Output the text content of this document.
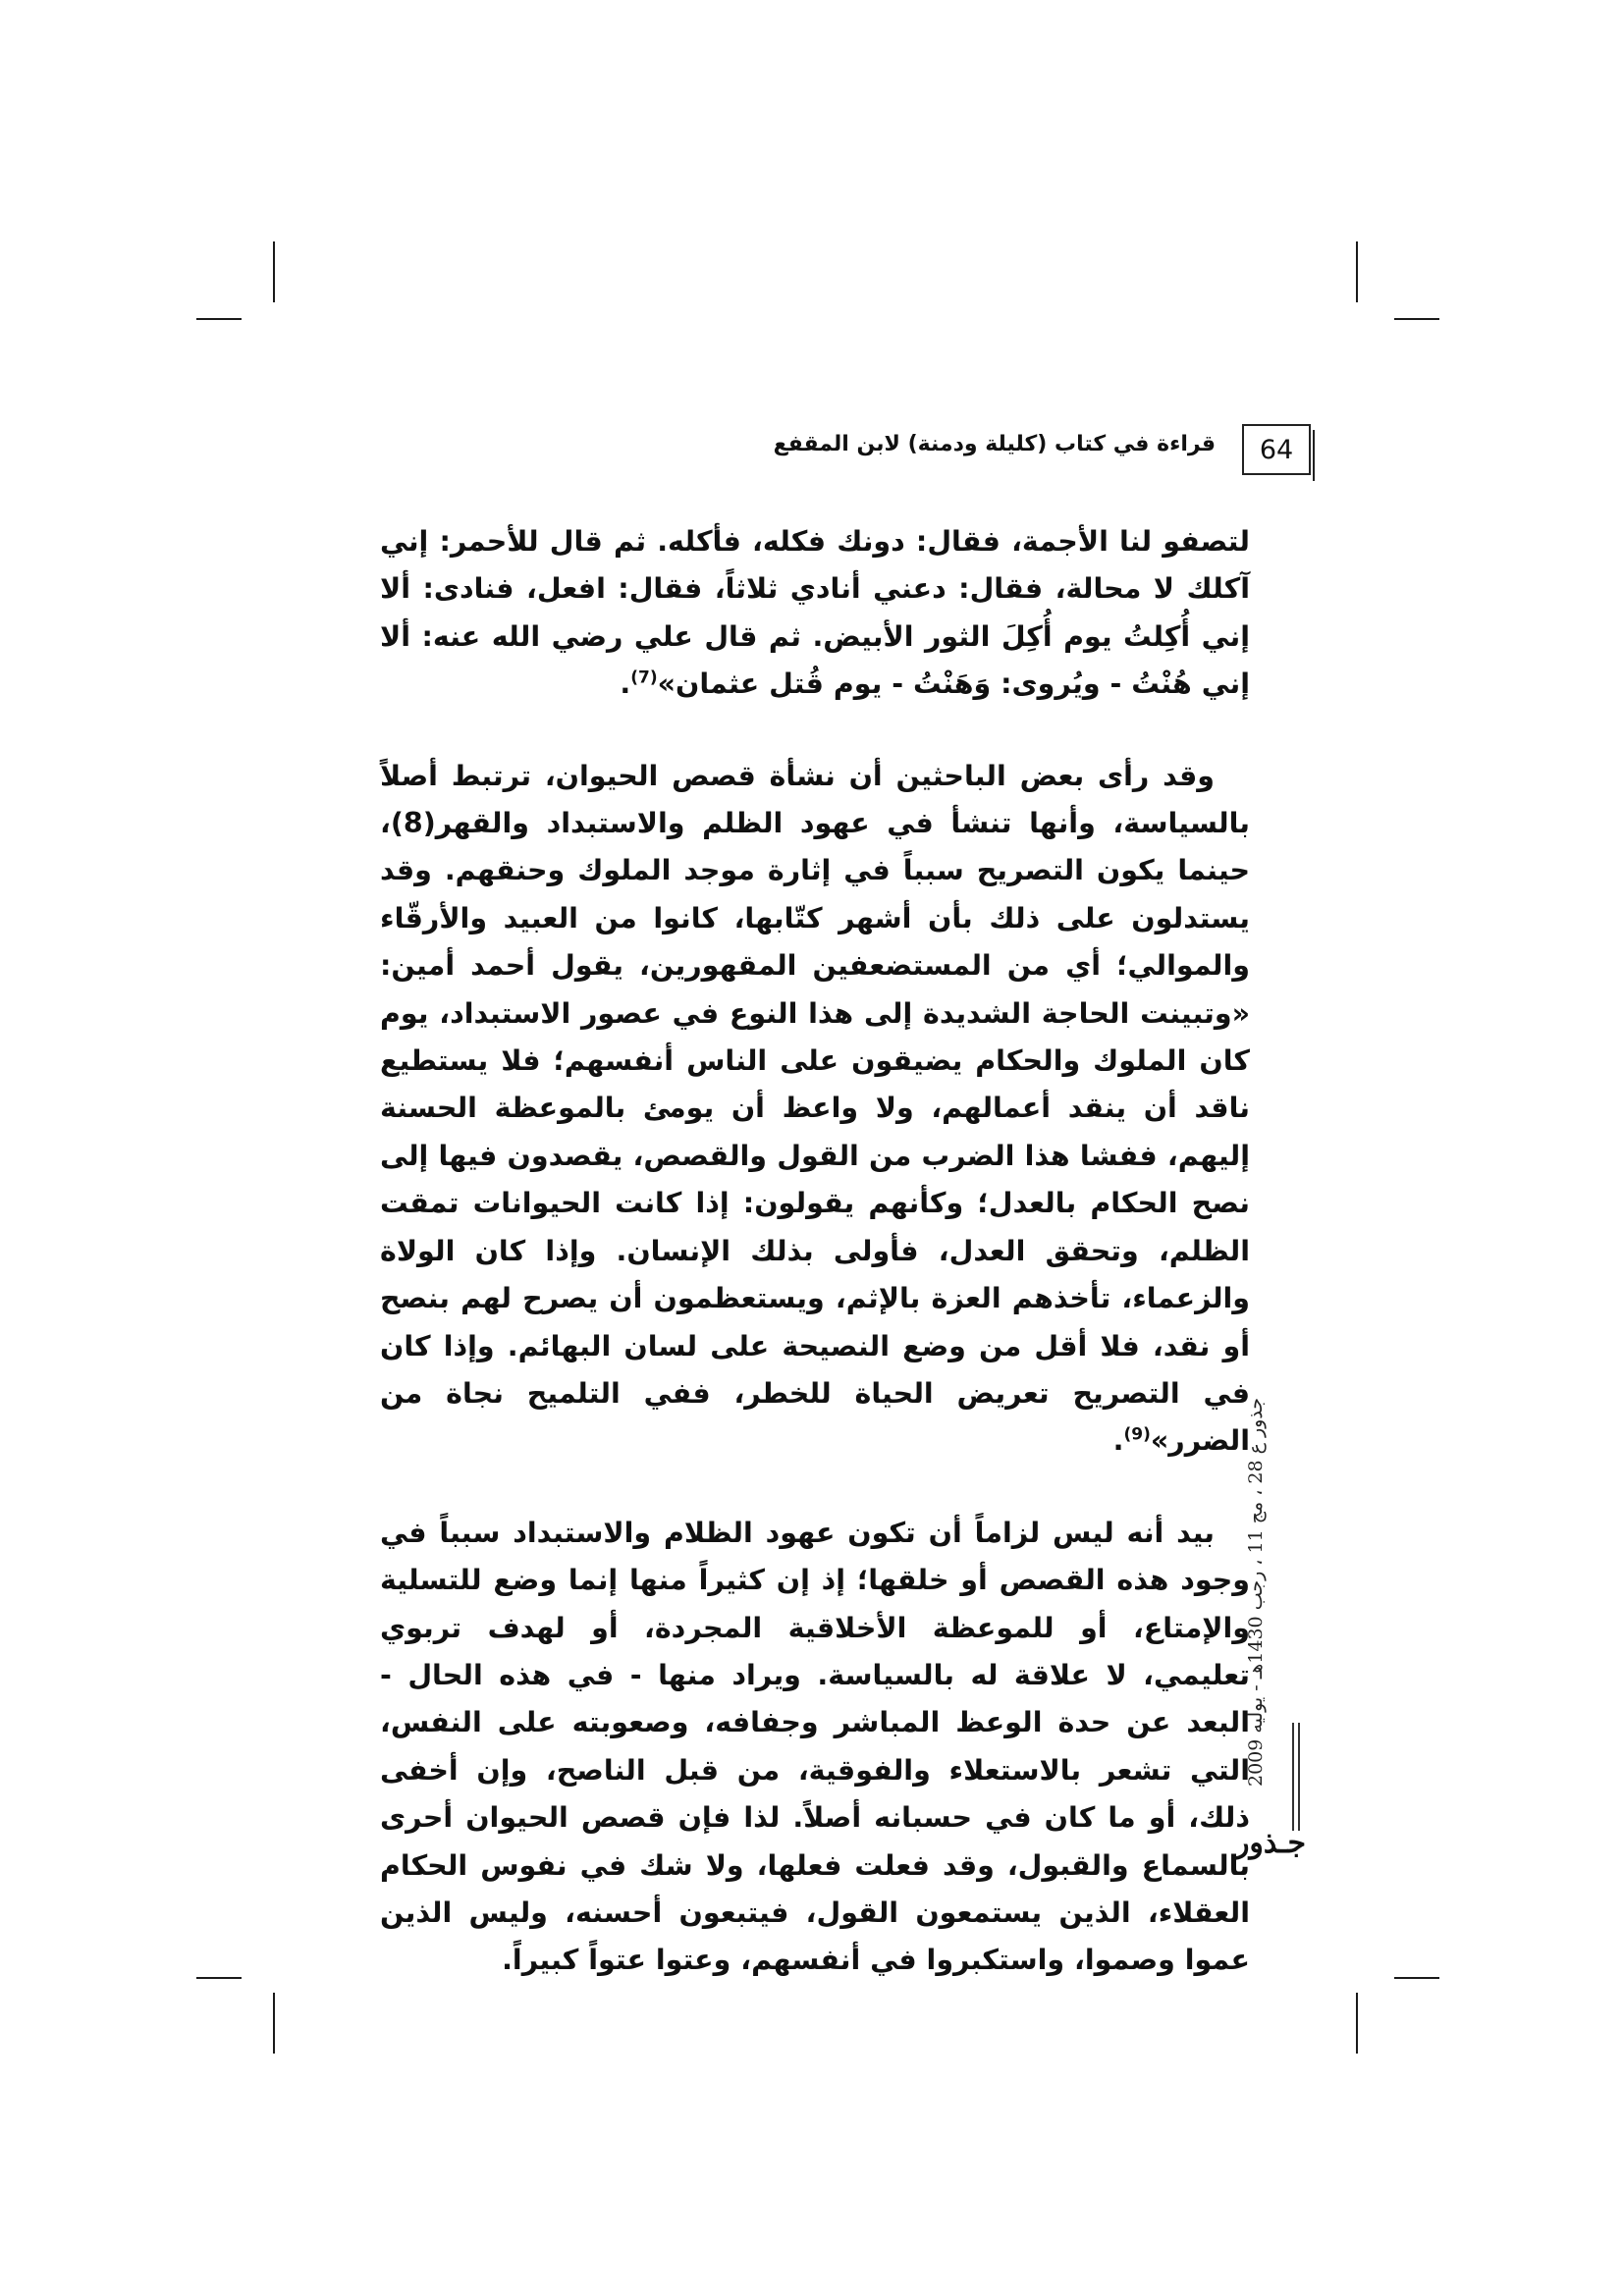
64
قراءة في كتاب (كليلة ودمنة) لابن المقفع

لتصفو لنا الأجمة، فقال: دونك فكله، فأكله. ثم قال للأحمر: إني آكلك لا محالة، فقال: دعني أنادي ثلاثاً، فقال: افعل، فنادى: ألا إني أُكِلتُ يوم أُكِلَ الثور الأبيض. ثم قال علي رضي الله عنه: ألا إني هُنْتُ - ويُروى: وَهَنْتُ - يوم قُتل عثمان»$^{(7)}$.

وقد رأى بعض الباحثين أن نشأة قصص الحيوان، ترتبط أصلاً بالسياسة، وأنها تنشأ في عهود الظلم والاستبداد والقهر(8)، حينما يكون التصريح سبباً في إثارة موجد الملوك وحنقهم. وقد يستدلون على ذلك بأن أشهر كتّابها، كانوا من العبيد والأرقّاء والموالي؛ أي من المستضعفين المقهورين، يقول أحمد أمين: «وتبينت الحاجة الشديدة إلى هذا النوع في عصور الاستبداد، يوم كان الملوك والحكام يضيقون على الناس أنفسهم؛ فلا يستطيع ناقد أن ينقد أعمالهم، ولا واعظ أن يومئ بالموعظة الحسنة إليهم، ففشا هذا الضرب من القول والقصص، يقصدون فيها إلى نصح الحكام بالعدل؛ وكأنهم يقولون: إذا كانت الحيوانات تمقت الظلم، وتحقق العدل، فأولى بذلك الإنسان. وإذا كان الولاة والزعماء، تأخذهم العزة بالإثم، ويستعظمون أن يصرح لهم بنصح أو نقد، فلا أقل من وضع النصيحة على لسان البهائم. وإذا كان في التصريح تعريض الحياة للخطر، ففي التلميح نجاة من الضرر»$^{(9)}$.

بيد أنه ليس لزاماً أن تكون عهود الظلام والاستبداد سبباً في وجود هذه القصص أو خلقها؛ إذ إن كثيراً منها إنما وضع للتسلية والإمتاع، أو للموعظة الأخلاقية المجردة، أو لهدف تربوي تعليمي، لا علاقة له بالسياسة. ويراد منها - في هذه الحال - البعد عن حدة الوعظ المباشر وجفافه، وصعوبته على النفس، التي تشعر بالاستعلاء والفوقية، من قبل الناصح، وإن أخفى ذلك، أو ما كان في حسبانه أصلاً. لذا فإن قصص الحيوان أحرى بالسماع والقبول، وقد فعلت فعلها، ولا شك في نفوس الحكام العقلاء، الذين يستمعون القول، فيتبعون أحسنه، وليس الذين عموا وصموا، واستكبروا في أنفسهم، وعتوا عتواً كبيراً.

جذور ع 28 ، مج 11 ، رجب 1430هـ - يوليه 2009
جـذور
